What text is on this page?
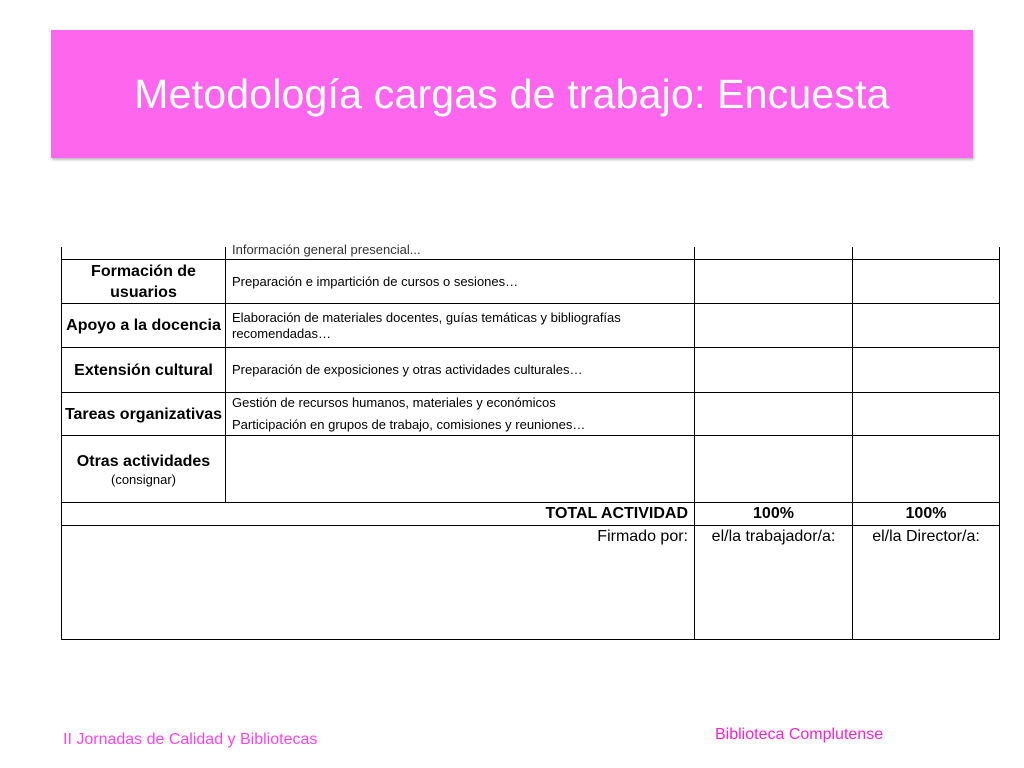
Metodología cargas de trabajo: Encuesta

	Información general presencial...		

Formación de usuarios	Preparación e impartición de cursos o sesiones…		

Apoyo a la docencia	Elaboración de materiales docentes, guías temáticas y bibliografías recomendadas…		

Extensión cultural	Preparación de exposiciones y otras actividades culturales…		

Tareas organizativas	Gestión de recursos humanos, materiales y económicos

Participación en grupos de trabajo, comisiones y reuniones…		

Otras actividades
(consignar)			

TOTAL ACTIVIDAD		100%	100%
Firmado por:		el/la trabajador/a:	el/la Director/a:
II Jornadas de Calidad y Bibliotecas	Biblioteca Complutense
